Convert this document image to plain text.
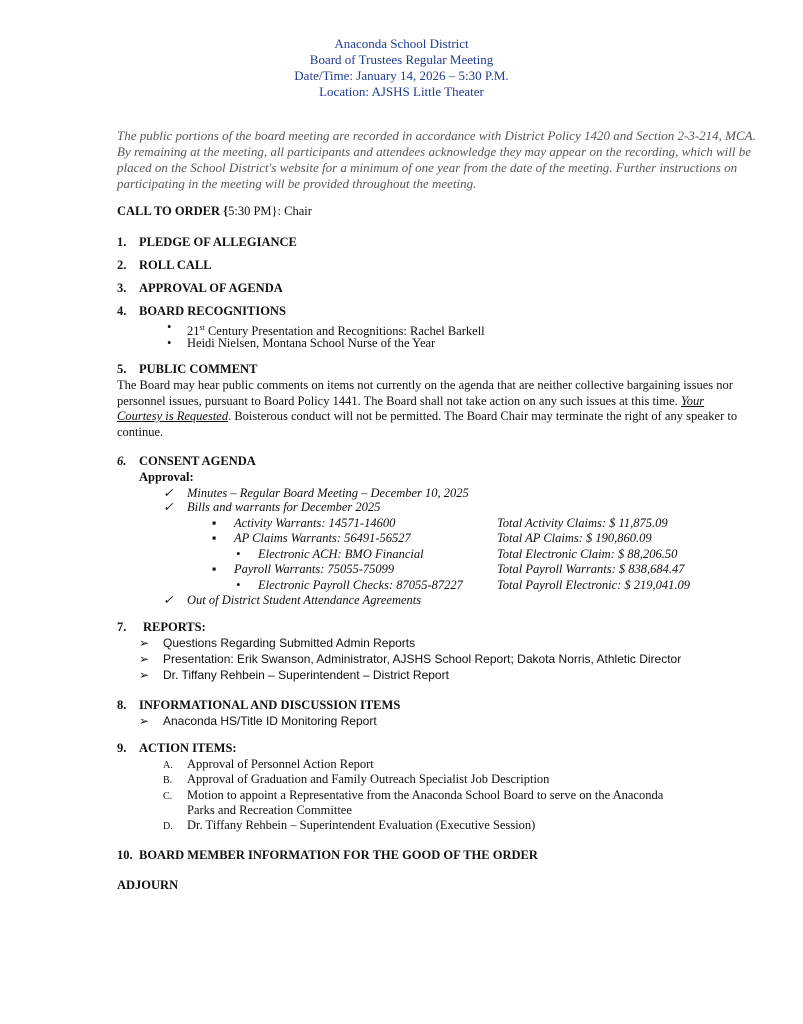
Anaconda School District
Board of Trustees Regular Meeting
Date/Time: January 14, 2026 – 5:30 P.M.
Location: AJSHS Little Theater
The public portions of the board meeting are recorded in accordance with District Policy 1420 and Section 2-3-214, MCA. By remaining at the meeting, all participants and attendees acknowledge they may appear on the recording, which will be placed on the School District's website for a minimum of one year from the date of the meeting. Further instructions on participating in the meeting will be provided throughout the meeting.
CALL TO ORDER {5:30 PM}: Chair
1. PLEDGE OF ALLEGIANCE
2. ROLL CALL
3. APPROVAL OF AGENDA
4. BOARD RECOGNITIONS
• 21st Century Presentation and Recognitions: Rachel Barkell
• Heidi Nielsen, Montana School Nurse of the Year
5. PUBLIC COMMENT
The Board may hear public comments on items not currently on the agenda that are neither collective bargaining issues nor personnel issues, pursuant to Board Policy 1441. The Board shall not take action on any such issues at this time. Your Courtesy is Requested. Boisterous conduct will not be permitted. The Board Chair may terminate the right of any speaker to continue.
6. CONSENT AGENDA
Approval:
✓ Minutes – Regular Board Meeting – December 10, 2025
✓ Bills and warrants for December 2025
▪ Activity Warrants: 14571-14600	Total Activity Claims: $ 11,875.09
▪ AP Claims Warrants: 56491-56527	Total AP Claims: $ 190,860.09
• Electronic ACH: BMO Financial	Total Electronic Claim: $ 88,206.50
▪ Payroll Warrants: 75055-75099	Total Payroll Warrants: $ 838,684.47
• Electronic Payroll Checks: 87055-87227	Total Payroll Electronic: $ 219,041.09
✓ Out of District Student Attendance Agreements
7. REPORTS:
➢ Questions Regarding Submitted Admin Reports
➢ Presentation: Erik Swanson, Administrator, AJSHS School Report; Dakota Norris, Athletic Director
➢ Dr. Tiffany Rehbein – Superintendent – District Report
8. INFORMATIONAL AND DISCUSSION ITEMS
➢ Anaconda HS/Title ID Monitoring Report
9. ACTION ITEMS:
A. Approval of Personnel Action Report
B. Approval of Graduation and Family Outreach Specialist Job Description
C. Motion to appoint a Representative from the Anaconda School Board to serve on the Anaconda
Parks and Recreation Committee
D. Dr. Tiffany Rehbein – Superintendent Evaluation (Executive Session)
10. BOARD MEMBER INFORMATION FOR THE GOOD OF THE ORDER
ADJOURN
